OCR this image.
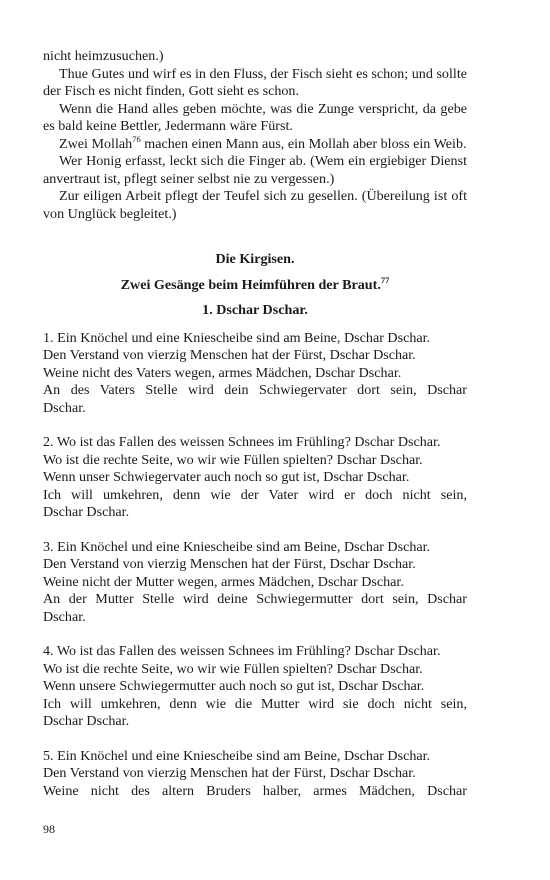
nicht heimzusuchen.)

Thue Gutes und wirf es in den Fluss, der Fisch sieht es schon; und sollte der Fisch es nicht finden, Gott sieht es schon.

Wenn die Hand alles geben möchte, was die Zunge verspricht, da gebe es bald keine Bettler, Jedermann wäre Fürst.

Zwei Mollah$^{76}$ machen einen Mann aus, ein Mollah aber bloss ein Weib.

Wer Honig erfasst, leckt sich die Finger ab. (Wem ein ergiebiger Dienst anvertraut ist, pflegt seiner selbst nie zu vergessen.)

Zur eiligen Arbeit pflegt der Teufel sich zu gesellen. (Übereilung ist oft von Unglück begleitet.)

Die Kirgisen.

Zwei Gesänge beim Heimführen der Braut.$^{77}$

1. Dschar Dschar.

1. Ein Knöchel und eine Kniescheibe sind am Beine, Dschar Dschar.
Den Verstand von vierzig Menschen hat der Fürst, Dschar Dschar.
Weine nicht des Vaters wegen, armes Mädchen, Dschar Dschar.
An des Vaters Stelle wird dein Schwiegervater dort sein, Dschar
Dschar.
2. Wo ist das Fallen des weissen Schnees im Frühling? Dschar Dschar.
Wo ist die rechte Seite, wo wir wie Füllen spielten? Dschar Dschar.
Wenn unser Schwiegervater auch noch so gut ist, Dschar Dschar.
Ich will umkehren, denn wie der Vater wird er doch nicht sein,
Dschar Dschar.
3. Ein Knöchel und eine Kniescheibe sind am Beine, Dschar Dschar.
Den Verstand von vierzig Menschen hat der Fürst, Dschar Dschar.
Weine nicht der Mutter wegen, armes Mädchen, Dschar Dschar.
An der Mutter Stelle wird deine Schwiegermutter dort sein, Dschar
Dschar.
4. Wo ist das Fallen des weissen Schnees im Frühling? Dschar Dschar.
Wo ist die rechte Seite, wo wir wie Füllen spielten? Dschar Dschar.
Wenn unsere Schwiegermutter auch noch so gut ist, Dschar Dschar.
Ich will umkehren, denn wie die Mutter wird sie doch nicht sein,
Dschar Dschar.
5. Ein Knöchel und eine Kniescheibe sind am Beine, Dschar Dschar.
Den Verstand von vierzig Menschen hat der Fürst, Dschar Dschar.
Weine nicht des altern Bruders halber, armes Mädchen, Dschar
98
